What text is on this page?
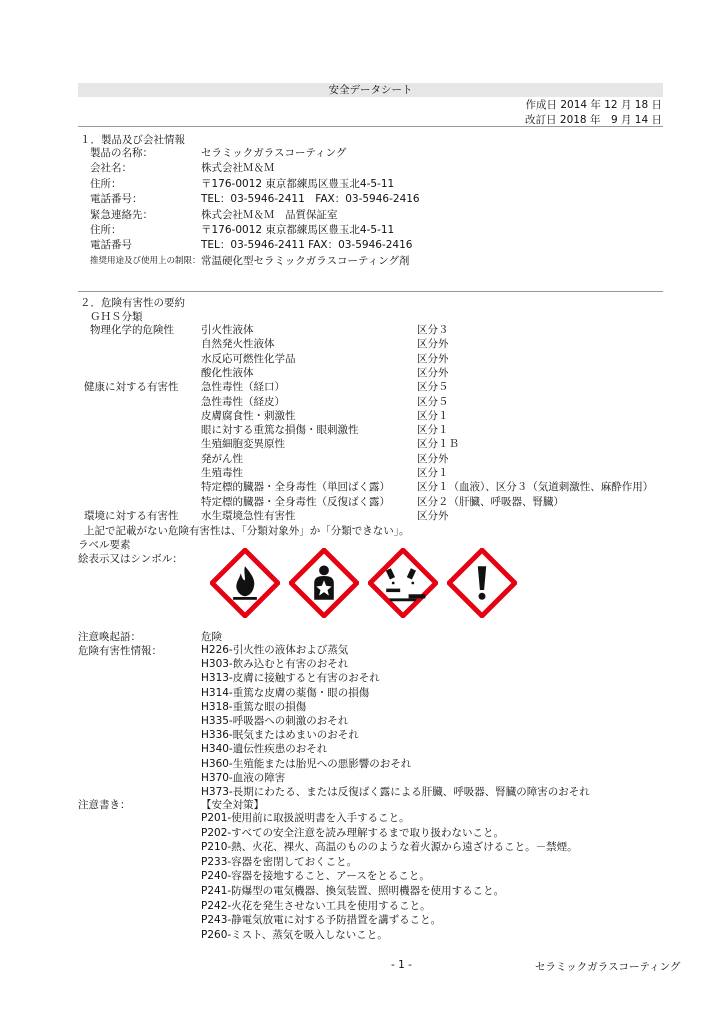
安全データシート
作成日 2014 年 12 月 18 日
改訂日 2018 年　9 月 14 日
１．製品及び会社情報
製品の名称：	セラミックガラスコーティング
会社名：	株式会社Ｍ＆Ｍ
住所：	〒176-0012 東京都練馬区豊玉北4-5-11
電話番号：	TEL：03-5946-2411　FAX：03-5946-2416
緊急連絡先：	株式会社Ｍ＆Ｍ　品質保証室
住所：	〒176-0012 東京都練馬区豊玉北4-5-11
電話番号	TEL：03-5946-2411 FAX：03-5946-2416
推奨用途及び使用上の制限： 常温硬化型セラミックガラスコーティング剤
２．危険有害性の要約
ＧＨＳ分類
物理化学的危険性	引火性液体	区分３
自然発火性液体	区分外
水反応可燃性化学品	区分外
酸化性液体	区分外
健康に対する有害性 急性毒性（経口）	区分５
急性毒性（経皮）	区分５
皮膚腐食性・刺激性	区分１
眼に対する重篤な損傷・眼刺激性	区分１
生殖細胞変異原性	区分１Ｂ
発がん性	区分外
生殖毒性	区分１
特定標的臓器・全身毒性（単回ばく露）	区分１（血液）、区分３（気道刺激性、麻酔作用）
特定標的臓器・全身毒性（反復ばく露）	区分２（肝臓、呼吸器、腎臓）
環境に対する有害性 水生環境急性有害性	区分外
上記で記載がない危険有害性は、「分類対象外」か「分類できない」。
ラベル要素
絵表示又はシンボル：
注意喚起語：	危険
危険有害性情報：	H226-引火性の液体および蒸気
H303-飲み込むと有害のおそれ
H313-皮膚に接触すると有害のおそれ
H314-重篤な皮膚の薬傷・眼の損傷
H318-重篤な眼の損傷
H335-呼吸器への刺激のおそれ
H336-眠気またはめまいのおそれ
H340-遺伝性疾患のおそれ
H360-生殖能または胎児への悪影響のおそれ
H370-血液の障害
H373-長期にわたる、または反復ばく露による肝臓、呼吸器、腎臓の障害のおそれ
注意書き：	【安全対策】
P201-使用前に取扱説明書を入手すること。
P202-すべての安全注意を読み理解するまで取り扱わないこと。
P210-熱、火花、裸火、高温のもののような着火源から遠ざけること。－禁煙。
P233-容器を密閉しておくこと。
P240-容器を接地すること、アースをとること。
P241-防爆型の電気機器、換気装置、照明機器を使用すること。
P242-火花を発生させない工具を使用すること。
P243-静電気放電に対する予防措置を講ずること。
P260-ミスト、蒸気を吸入しないこと。
- 1 -	セラミックガラスコーティング
